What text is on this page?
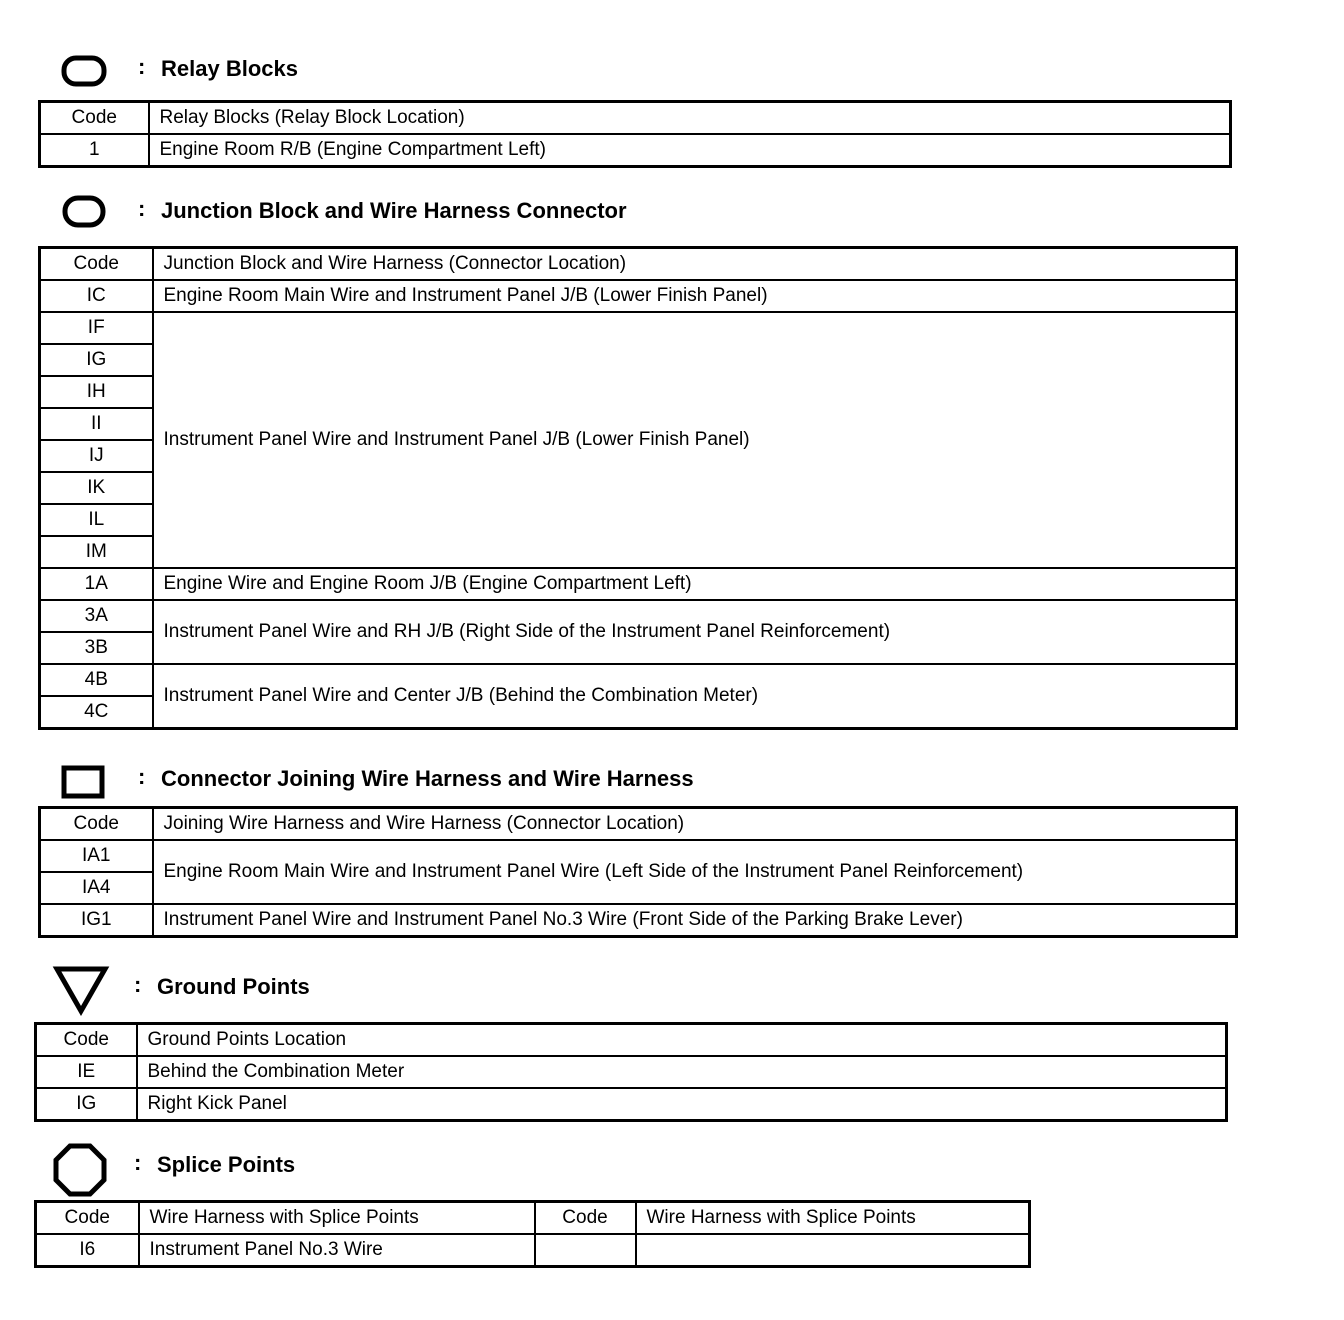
: Relay Blocks
Code	Relay Blocks (Relay Block Location)
1	Engine Room R/B (Engine Compartment Left)
: Junction Block and Wire Harness Connector
Code	Junction Block and Wire Harness (Connector Location)
IC	Engine Room Main Wire and Instrument Panel J/B (Lower Finish Panel)
IF	Instrument Panel Wire and Instrument Panel J/B (Lower Finish Panel)
IG	
IH	
II	
IJ	
IK	
IL	
IM	
1A	Engine Wire and Engine Room J/B (Engine Compartment Left)
3A	Instrument Panel Wire and RH J/B (Right Side of the Instrument Panel Reinforcement)
3B	
4B	Instrument Panel Wire and Center J/B (Behind the Combination Meter)
4C	
: Connector Joining Wire Harness and Wire Harness
Code	Joining Wire Harness and Wire Harness (Connector Location)
IA1	Engine Room Main Wire and Instrument Panel Wire (Left Side of the Instrument Panel Reinforcement)
IA4	
IG1	Instrument Panel Wire and Instrument Panel No.3 Wire (Front Side of the Parking Brake Lever)
: Ground Points
Code	Ground Points Location
IE	Behind the Combination Meter
IG	Right Kick Panel
: Splice Points
Code	Wire Harness with Splice Points	Code	Wire Harness with Splice Points
I6	Instrument Panel No.3 Wire		
